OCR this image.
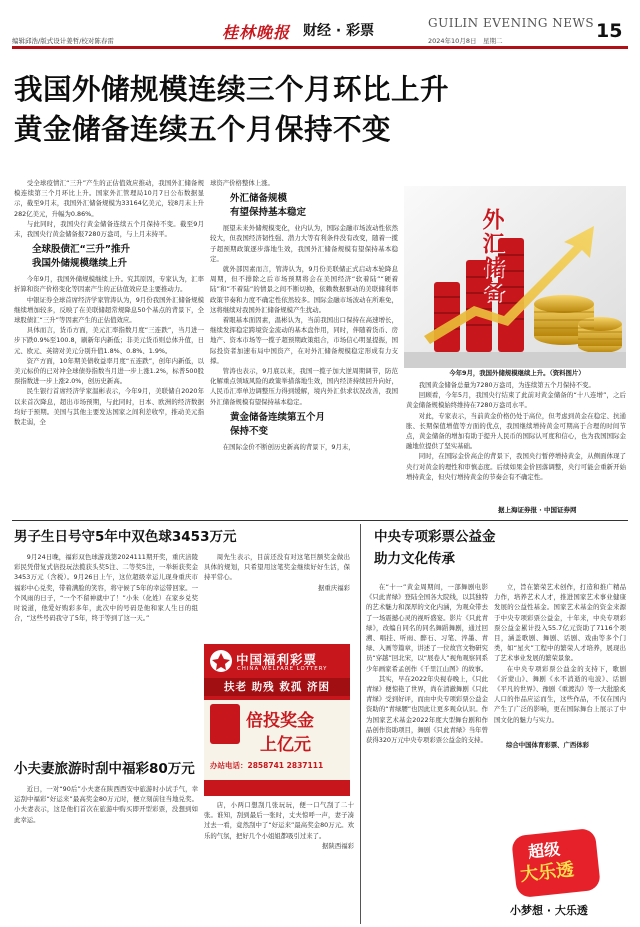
编辑邱浩/版式设计姜哲/校对陈春雷	桂林晚报 财经 · 彩票	GUILIN EVENING NEWS
2024年10月8日　星期二	15
我国外储规模连续三个月环比上升
黄金储备连续五个月保持不变

受全球疫情汇“三升”产生的正估值效应推动，我国外汇储备规模连续第三个月环比上升。国家外汇管理局10月7日公布数据显示，截至9月末，我国外汇储备规模为33164亿美元，较8月末上升282亿美元，升幅为0.86%。

与此同时，我国央行黄金储备连续五个月保持不变。截至9月末，我国央行黄金储备报7280万盎司，与上月末持平。

全球股债汇“三升”推升
我国外储规模继续上升

今年9月，我国外储规模继续上升。究其原因，专家认为，汇率折算和资产价格变化等因素产生的正估值效应是主要推动力。

中银证券全球首席经济学家管涛认为，9月份我国外汇储备规模继续增加较多，反映了在美联储超常规降息50个基点的背景下，全球股债汇“三升”等因素产生的正估值效应。

具体而言，货币方面，美元汇率指数月度“三连跌”，当月进一步下跌0.9%至100.8，刷新年内新低；非美元货币则总体升值，日元、欧元、英镑对美元分别升值1.8%、0.8%、1.9%。

资产方面，10年期美债收益率月度“五连跌”，创年内新低，以美元标价的已对冲全球债券指数当月进一步上涨1.2%，标普500股票指数进一步上涨2.0%，创历史新高。

民生银行首席经济学家温彬表示，今年9月，美联储自2020年以来首次降息，超出市场预期，与此同时，日本、欧洲的经济数据均好于预期。美国与其他主要发达国家之间利差收窄，推动美元指数走弱，全

球资产价格整体上涨。
外汇储备规模
有望保持基本稳定

展望未来外储规模变化，业内认为，国际金融市场波动性依然较大，但我国经济韧性强、潜力大等有利条件没有改变，随着一揽子超预期政策逐步落地生效，我国外汇储备规模有望保持基本稳定。

就外部因素而言，管涛认为，9月份美联储正式启动本轮降息周期，但不排除之后市场预期将会在美国经济“软着陆”“硬着陆”和“不着陆”的情景之间不断切换，依赖数据驱动的美联储利率政策节奏和力度不确定性依然较多。国际金融市场波动在所难免，这将继续对我国外汇储备规模产生扰动。

着眼基本面因素，温彬认为，当前我国出口保持在高速增长，继续发挥稳定跨境资金流动的基本盘作用，同时，伴随着货币、房地产、资本市场等一揽子超预期政策组合，市场信心明显提振，国际投资者加速布局中国资产，在对外汇储备规模稳定形成有力支撑。

管涛也表示，9月底以来，我国一揽子加大逆周期调节，防范化解重点领域风险的政策举措落地生效，国内经济持续回升向好，人民币汇率单边调整压力得到缓解，境内外汇供求状况改善，我国外汇储备规模有望保持基本稳定。

黄金储备连续第五个月
保持不变

在国际金价不断创历史新高的背景下，9月末，

外汇储备
今年9月，我国外储规模继续上升。（资料图片）

我国黄金储备总量为7280万盎司，为连续第五个月保持不变。

回顾看，今年5月，我国央行结束了此前对黄金储备的“十八连增”，之后黄金储备规模始终维持在7280万盎司水平。

对此，专家表示，当前黄金价格仍处于高位，但考虑到黄金在稳定、抗通胀、长期保值增值等方面的优点，我国继续增持黄金可期高于合理的时间节点，黄金储备的增加有助于提升人民币的国际认可度和信心，也为我国国际金融地位提供了坚实基础。

同时，在国际金价高企的背景下，我国央行暂停增持黄金，从侧面体现了央行对黄金的理性和审慎态度。后续如果金价回落调整，央行可能会重新开始增持黄金，但央行增持黄金的节奏会有不确定性。

据上海证券报 · 中国证券网
男子生日号守5年中双色球3453万元

9月24日晚，福彩双色球游戏第2024111期开奖，重庆涪陵彩民凭借复式倍投玩法揽获头奖5注、二等奖5注，一举斩获奖金3453万元（含税）。9月26日上午，这位超级幸运儿现身重庆市福彩中心兑奖，带着满脸的笑容，将守候了5年的幸运带回家。一个风雨的日子，“一个不留神就中了！”小朱（化姓）在家乡兑奖时说道，他爱好购彩多年，此次中的号码是他和家人生日的组合，“这些号码我守了5年，终于等到了这一天。”

周先生表示，目前还没有对这笔巨额奖金做出具体的规划，只希望用这笔奖金继续好好生活，保持平常心。

据重庆福彩
中国福利彩票
CHINA WELFARE LOTTERY
扶老 助残 救孤 济困
倍投奖金
上亿元
办站电话：2858741 2837111
小夫妻旅游时刮中福彩80万元

近日，一对“90后”小夫妻在陕西西安中旅游时小试手气，幸运刮中福彩“好运来”最高奖金80万元时，便立刻前往当地兑奖。小夫妻表示，这是他们首次在旅游中购买即开型彩票，没想到如此幸运。

店，小两口想刮几张玩玩，便一口气刮了二十张。谁知，刮到最后一张时，丈夫惊呼一声，妻子凑过去一看，竟然刮中了“好运来”最高奖金80万元。欢乐的气氛，把好几个小姐姐都吸引过来了。

据陕西福彩
中央专项彩票公益金
助力文化传承

在“十一”黄金周期间，一部舞剧电影《只此青绿》登陆全国各大院线，以其独特的艺术魅力和深厚的文化内涵，为观众带去了一场震撼心灵的视听盛宴。影片《只此青绿》，改编自同名的同名舞蹈舞剧，通过回溯、唱挂、听雨、醉石、习笔、淬墨、青绿、入画等篇章，讲述了一位故宫文物研究员“穿越”回北宋，以“展卷人”视角观察同系少年画家希孟创作《千里江山图》的故事。

其实，早在2022年央视春晚上，《只此青绿》便惊艳了世界，尚在清澈舞剧《只此青绿》受到好评，而由中央专项彩票公益金资助的“青绿腰”也因此让更多观众认识。作为国家艺术基金2022年度大型舞台剧和作品创作资助项目，舞剧《只此青绿》当年曾获得320万元中央专项彩票公益金的支持。

立，旨在繁荣艺术创作，打造和推广精品力作，培养艺术人才，推进国家艺术事业健康发展的公益性基金。国家艺术基金的资金来源于中央专项彩票公益金，十年来，中央专项彩票公益金累计投入55.7亿元资助了7116个项目，涵盖歌剧、舞剧、话剧、戏曲等多个门类，如“星火”工程中的繁荣人才培养，展现出了艺术事业发展的繁荣景象。

在中央专项彩票公益金的支持下，歌剧《沂蒙山》、舞剧《永不消逝的电波》、话剧《平凡的世界》、豫剧《重渡沟》等一大批脍炙人口的作品应运而生，这些作品，不仅在国内产生了广泛的影响，更在国际舞台上展示了中国文化的魅力与实力。

综合中国体育彩票、广西体彩
超级
大乐透
小梦想 · 大乐透
